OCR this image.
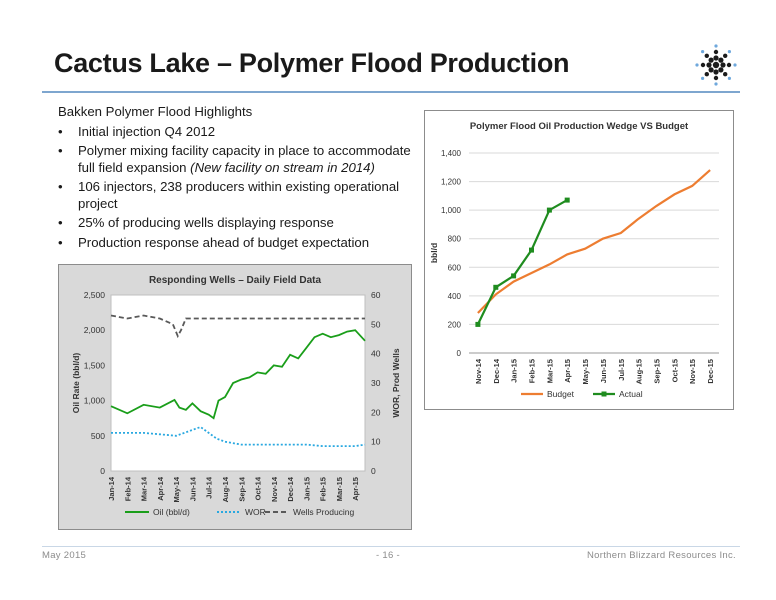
Cactus Lake – Polymer Flood Production
Bakken Polymer Flood Highlights
• Initial injection Q4 2012
• Polymer mixing facility capacity in place to accommodate full field expansion (New facility on stream in 2014)
• 106 injectors, 238 producers within existing operational project
• 25% of producing wells displaying response
• Production response ahead of budget expectation
Responding Wells – Daily Field Data
0
500
1,000
1,500
2,000
2,500
0
10
20
30
40
50
60
Oil Rate (bbl/d)	WOR, Prod Wells
Jan-14 Feb-14 Mar-14 Apr-14 May-14 Jun-14 Jul-14 Aug-14 Sep-14 Oct-14 Nov-14 Dec-14 Jan-15 Feb-15 Mar-15 Apr-15
Oil (bbl/d)	WOR	Wells Producing
Polymer Flood Oil Production Wedge VS Budget
0
200
400
600
800
1,000
1,200
1,400
bbl/d
Nov-14 Dec-14 Jan-15 Feb-15 Mar-15 Apr-15 May-15 Jun-15 Jul-15 Aug-15 Sep-15 Oct-15 Nov-15 Dec-15
Budget	Actual
May 2015	- 16 -	Northern Blizzard Resources Inc.
